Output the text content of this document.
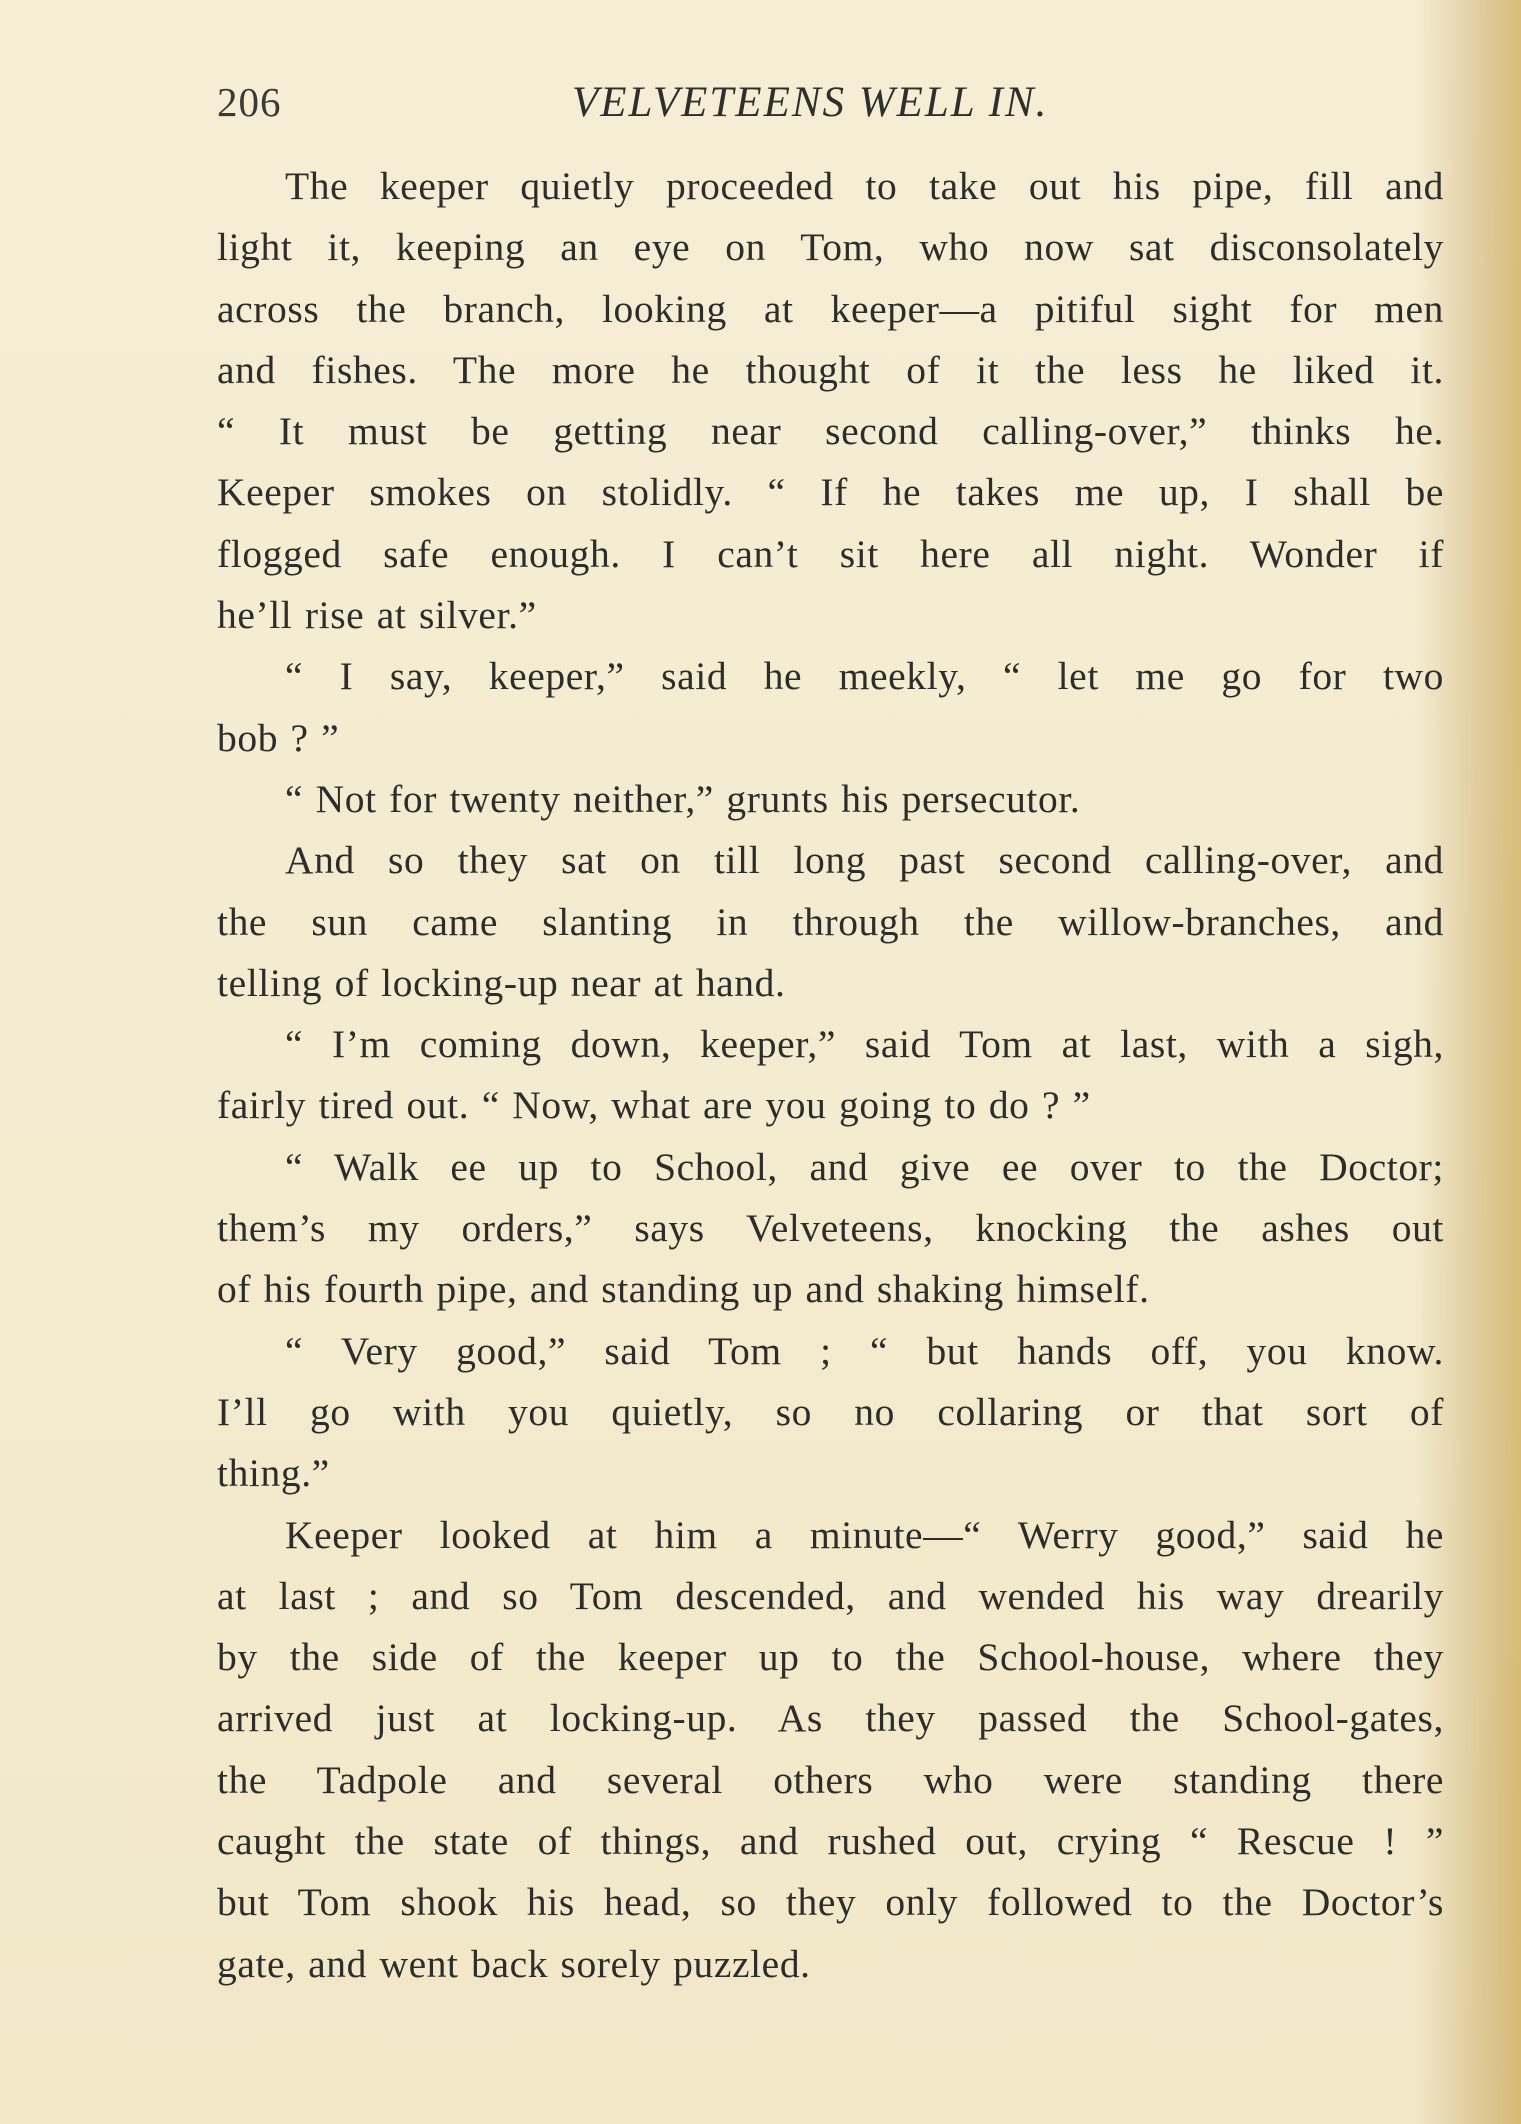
206	VELVETEENS WELL IN.
The keeper quietly proceeded to take out his pipe, fill and
light it, keeping an eye on Tom, who now sat disconsolately
across the branch, looking at keeper—a pitiful sight for men
and fishes. The more he thought of it the less he liked it.
“ It must be getting near second calling-over,” thinks he.
Keeper smokes on stolidly. “ If he takes me up, I shall be
flogged safe enough. I can’t sit here all night. Wonder if
he’ll rise at silver.”
“ I say, keeper,” said he meekly, “ let me go for two
bob ? ”
“ Not for twenty neither,” grunts his persecutor.
And so they sat on till long past second calling-over, and
the sun came slanting in through the willow-branches, and
telling of locking-up near at hand.
“ I’m coming down, keeper,” said Tom at last, with a sigh,
fairly tired out. “ Now, what are you going to do ? ”
“ Walk ee up to School, and give ee over to the Doctor;
them’s my orders,” says Velveteens, knocking the ashes out
of his fourth pipe, and standing up and shaking himself.
“ Very good,” said Tom ; “ but hands off, you know.
I’ll go with you quietly, so no collaring or that sort of
thing.”
Keeper looked at him a minute—“ Werry good,” said he
at last ; and so Tom descended, and wended his way drearily
by the side of the keeper up to the School-house, where they
arrived just at locking-up. As they passed the School-gates,
the Tadpole and several others who were standing there
caught the state of things, and rushed out, crying “ Rescue ! ”
but Tom shook his head, so they only followed to the Doctor’s
gate, and went back sorely puzzled.
